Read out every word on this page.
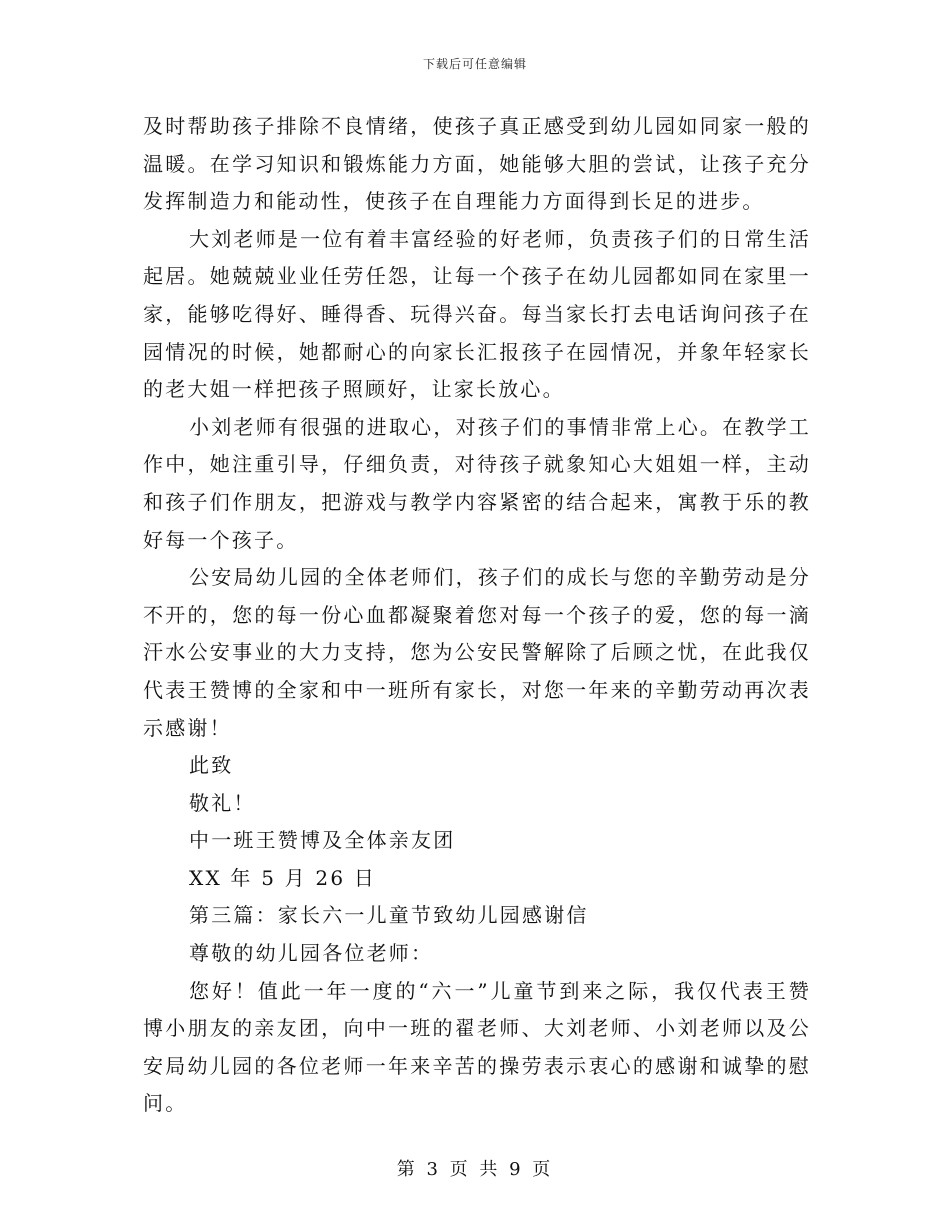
下载后可任意编辑
及时帮助孩子排除不良情绪，使孩子真正感受到幼儿园如同家一般的
温暖。在学习知识和锻炼能力方面，她能够大胆的尝试，让孩子充分
发挥制造力和能动性，使孩子在自理能力方面得到长足的进步。
大刘老师是一位有着丰富经验的好老师，负责孩子们的日常生活
起居。她兢兢业业任劳任怨，让每一个孩子在幼儿园都如同在家里一
家，能够吃得好、睡得香、玩得兴奋。每当家长打去电话询问孩子在
园情况的时候，她都耐心的向家长汇报孩子在园情况，并象年轻家长
的老大姐一样把孩子照顾好，让家长放心。
小刘老师有很强的进取心，对孩子们的事情非常上心。在教学工
作中，她注重引导，仔细负责，对待孩子就象知心大姐姐一样，主动
和孩子们作朋友，把游戏与教学内容紧密的结合起来，寓教于乐的教
好每一个孩子。
公安局幼儿园的全体老师们，孩子们的成长与您的辛勤劳动是分
不开的，您的每一份心血都凝聚着您对每一个孩子的爱，您的每一滴
汗水公安事业的大力支持，您为公安民警解除了后顾之忧，在此我仅
代表王赞博的全家和中一班所有家长，对您一年来的辛勤劳动再次表
示感谢！
此致
敬礼！
中一班王赞博及全体亲友团
XX 年 5 月 26 日
第三篇：家长六一儿童节致幼儿园感谢信
尊敬的幼儿园各位老师：
您好！值此一年一度的“六一”儿童节到来之际，我仅代表王赞
博小朋友的亲友团，向中一班的翟老师、大刘老师、小刘老师以及公
安局幼儿园的各位老师一年来辛苦的操劳表示衷心的感谢和诚挚的慰
问。
第 3 页 共 9 页
